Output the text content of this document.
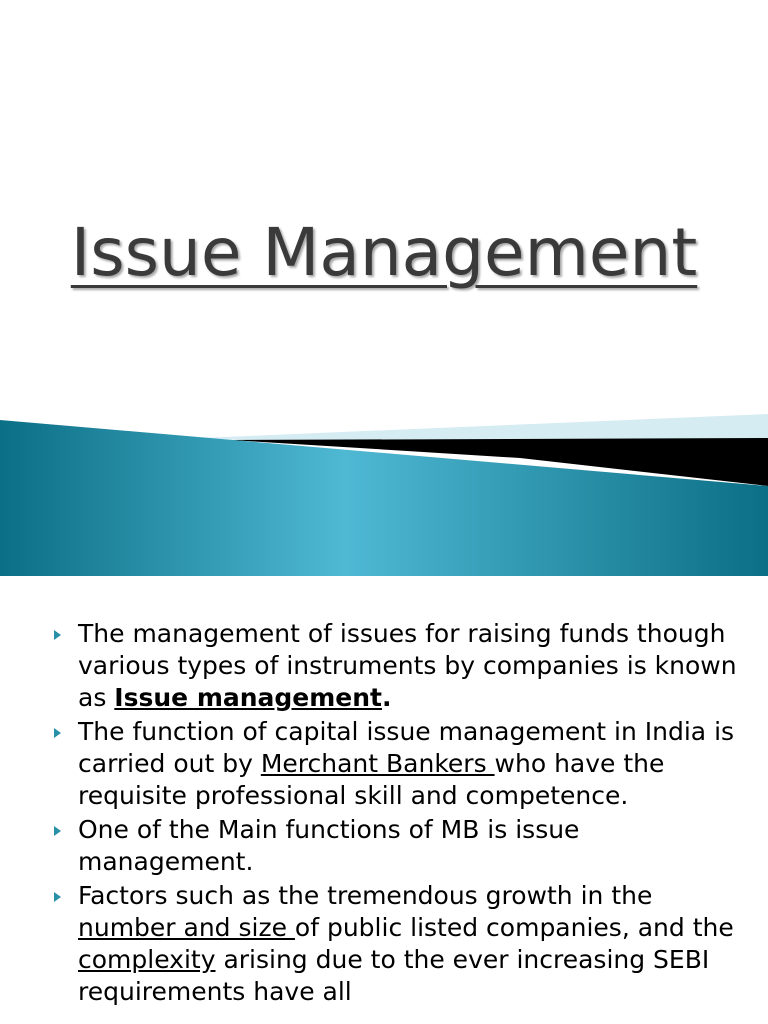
Issue Management
The management of issues for raising funds though various types of instruments by companies is known as Issue management.
The function of capital issue management in India is carried out by Merchant Bankers who have the requisite professional skill and competence.
One of the Main functions of MB is issue management.
Factors such as the tremendous growth in the number and size of public listed companies, and the complexity arising due to the ever increasing SEBI requirements have all
